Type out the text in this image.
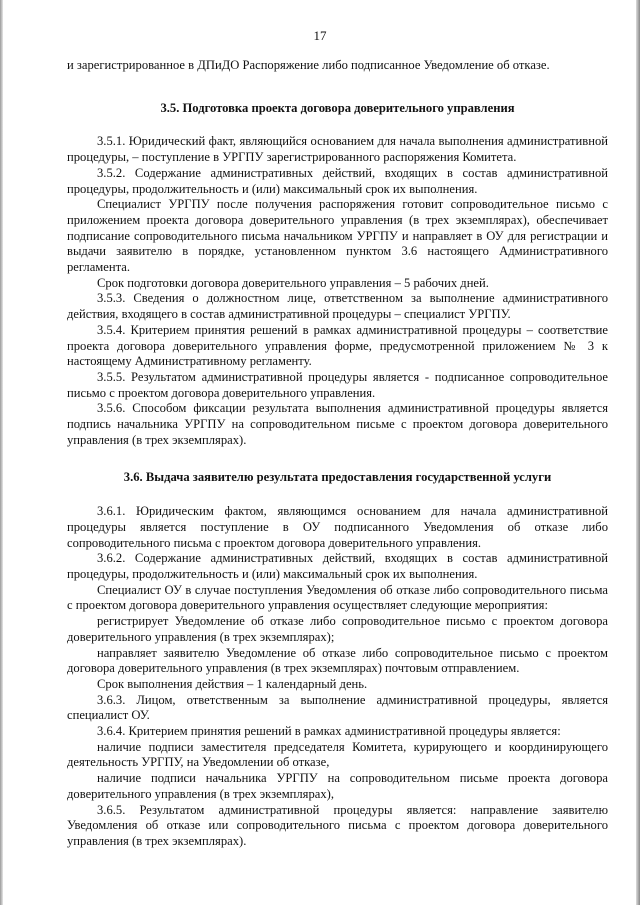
17

и зарегистрированное в ДПиДО Распоряжение либо подписанное Уведомление об отказе.

3.5. Подготовка проекта договора доверительного управления

3.5.1. Юридический факт, являющийся основанием для начала выполнения административной процедуры, – поступление в УРГПУ зарегистрированного распоряжения Комитета.

3.5.2. Содержание административных действий, входящих в состав административной процедуры, продолжительность и (или) максимальный срок их выполнения.

Специалист УРГПУ после получения распоряжения готовит сопроводительное письмо с приложением проекта договора доверительного управления (в трех экземплярах), обеспечивает подписание сопроводительного письма начальником УРГПУ и направляет в ОУ для регистрации и выдачи заявителю в порядке, установленном пунктом 3.6 настоящего Административного регламента.

Срок подготовки договора доверительного управления – 5 рабочих дней.

3.5.3. Сведения о должностном лице, ответственном за выполнение административного действия, входящего в состав административной процедуры – специалист УРГПУ.

3.5.4. Критерием принятия решений в рамках административной процедуры – соответствие проекта договора доверительного управления форме, предусмотренной приложением № 3 к настоящему Административному регламенту.

3.5.5. Результатом административной процедуры является - подписанное сопроводительное письмо с проектом договора доверительного управления.

3.5.6. Способом фиксации результата выполнения административной процедуры является подпись начальника УРГПУ на сопроводительном письме с проектом договора доверительного управления (в трех экземплярах).

3.6. Выдача заявителю результата предоставления государственной услуги

3.6.1. Юридическим фактом, являющимся основанием для начала административной процедуры является поступление в ОУ подписанного Уведомления об отказе либо сопроводительного письма с проектом договора доверительного управления.

3.6.2. Содержание административных действий, входящих в состав административной процедуры, продолжительность и (или) максимальный срок их выполнения.

Специалист ОУ в случае поступления Уведомления об отказе либо сопроводительного письма с проектом договора доверительного управления осуществляет следующие мероприятия:

регистрирует Уведомление об отказе либо сопроводительное письмо с проектом договора доверительного управления (в трех экземплярах);

направляет заявителю Уведомление об отказе либо сопроводительное письмо с проектом договора доверительного управления (в трех экземплярах) почтовым отправлением.

Срок выполнения действия – 1 календарный день.

3.6.3. Лицом, ответственным за выполнение административной процедуры, является специалист ОУ.

3.6.4. Критерием принятия решений в рамках административной процедуры является:

наличие подписи заместителя председателя Комитета, курирующего и координирующего деятельность УРГПУ, на Уведомлении об отказе,

наличие подписи начальника УРГПУ на сопроводительном письме проекта договора доверительного управления (в трех экземплярах),

3.6.5. Результатом административной процедуры является: направление заявителю Уведомления об отказе или сопроводительного письма с проектом договора доверительного управления (в трех экземплярах).
